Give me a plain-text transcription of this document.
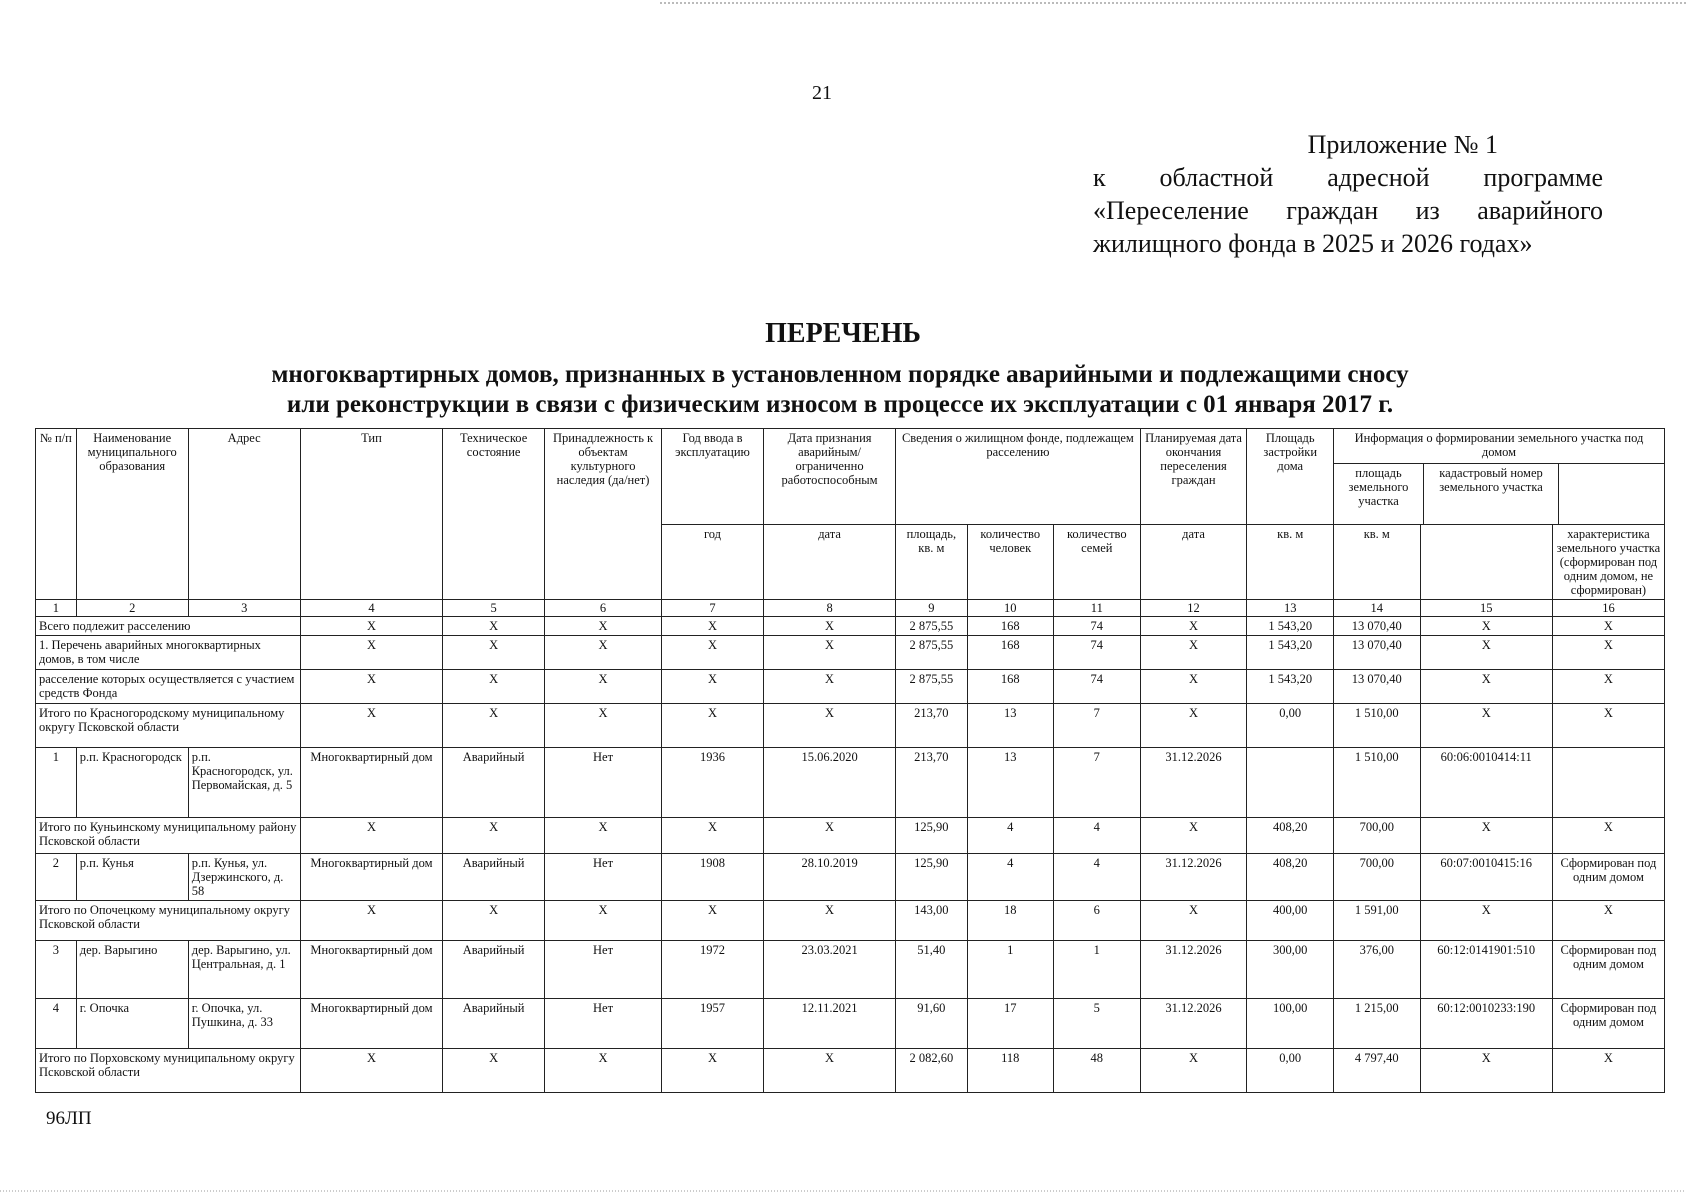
21
Приложение № 1
к областной адресной программе
«Переселение граждан из аварийного
жилищного фонда в 2025 и 2026 годах»
ПЕРЕЧЕНЬ
многоквартирных домов, признанных в установленном порядке аварийными и подлежащими сносу
или реконструкции в связи с физическим износом в процессе их эксплуатации с 01 января 2017 г.
№ п/п	Наименование муниципального образования	Адрес	Тип	Техническое состояние	Принадлежность к объектам культурного наследия (да/нет)	Год ввода в эксплуатацию	Дата признания аварийным/ ограниченно работоспособным	Сведения о жилищном фонде, подлежащем расселению			Планируемая дата окончания переселения граждан	Площадь застройки дома	Информация о формировании земельного участка под домом
площадь земельного участка
кадастровый номер земельного участка		

						год	дата	площадь, кв. м	количество человек	количество семей	дата	кв. м	кв. м		характеристика земельного участка (сформирован под одним домом, не сформирован)
1	2	3	4	5	6	7	8	9	10	11	12	13	14	15	16
Всего подлежит расселению			Х	Х	Х	Х	Х	2 875,55	168	74	Х	1 543,20	13 070,40	Х	Х
1. Перечень аварийных многоквартирных домов, в том числе			Х	Х	Х	Х	Х	2 875,55	168	74	Х	1 543,20	13 070,40	Х	Х
расселение которых осуществляется с участием средств Фонда			Х	Х	Х	Х	Х	2 875,55	168	74	Х	1 543,20	13 070,40	Х	Х
Итого по Красногородскому муниципальному округу Псковской области			Х	Х	Х	Х	Х	213,70	13	7	Х	0,00	1 510,00	Х	Х
1	р.п. Красногородск	р.п. Красногородск, ул. Первомайская, д. 5	Многоквартирный дом	Аварийный	Нет	1936	15.06.2020	213,70	13	7	31.12.2026		1 510,00	60:06:0010414:11	
Итого по Куньинскому муниципальному району Псковской области			Х	Х	Х	Х	Х	125,90	4	4	Х	408,20	700,00	Х	Х
2	р.п. Кунья	р.п. Кунья, ул. Дзержинского, д. 58	Многоквартирный дом	Аварийный	Нет	1908	28.10.2019	125,90	4	4	31.12.2026	408,20	700,00	60:07:0010415:16	Сформирован под одним домом
Итого по Опочецкому муниципальному округу Псковской области			Х	Х	Х	Х	Х	143,00	18	6	Х	400,00	1 591,00	Х	Х
3	дер. Варыгино	дер. Варыгино, ул. Центральная, д. 1	Многоквартирный дом	Аварийный	Нет	1972	23.03.2021	51,40	1	1	31.12.2026	300,00	376,00	60:12:0141901:510	Сформирован под одним домом
4	г. Опочка	г. Опочка, ул. Пушкина, д. 33	Многоквартирный дом	Аварийный	Нет	1957	12.11.2021	91,60	17	5	31.12.2026	100,00	1 215,00	60:12:0010233:190	Сформирован под одним домом
Итого по Порховскому муниципальному округу Псковской области			Х	Х	Х	Х	Х	2 082,60	118	48	Х	0,00	4 797,40	Х	Х
96ЛП
